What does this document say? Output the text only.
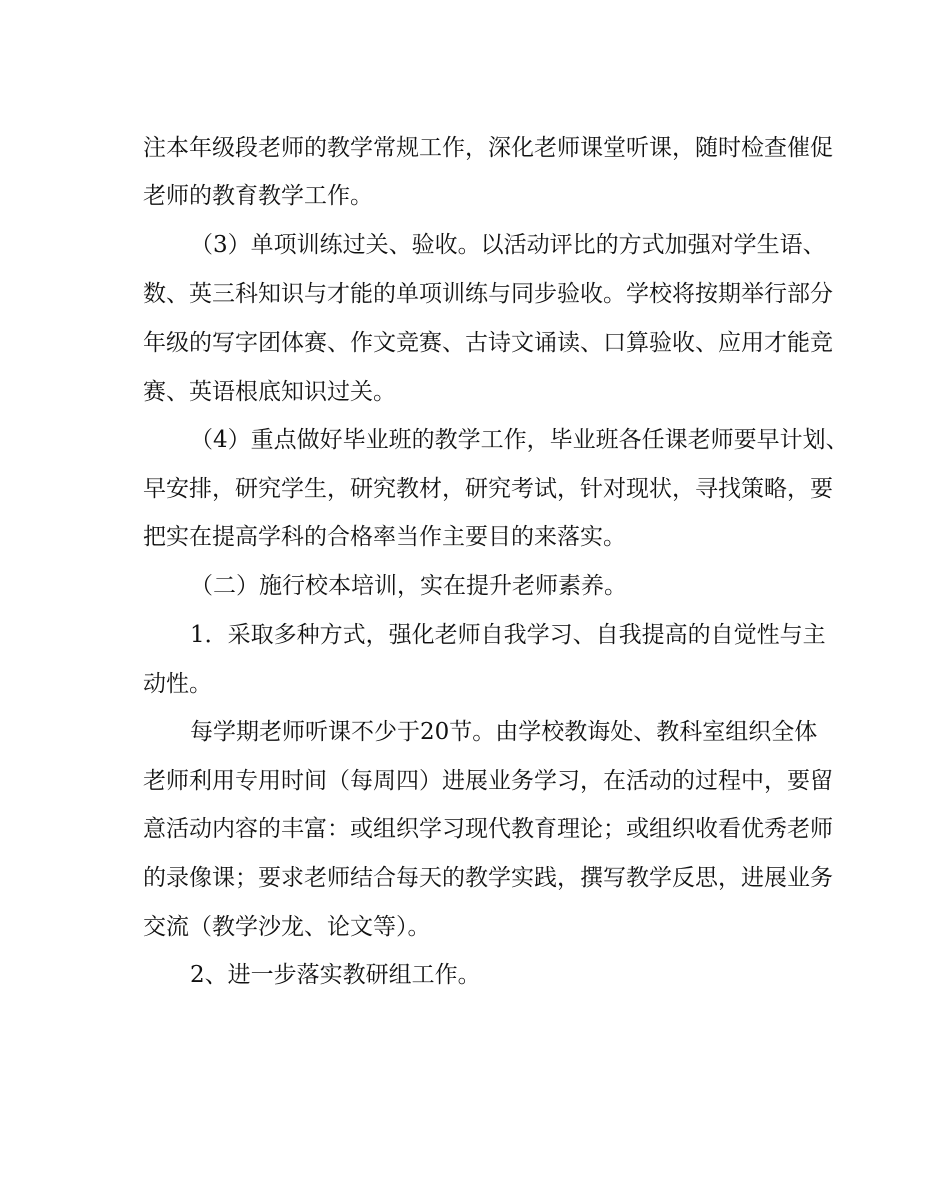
注本年级段老师的教学常规工作，深化老师课堂听课，随时检查催促
老师的教育教学工作。
（3）单项训练过关、验收。以活动评比的方式加强对学生语、
数、英三科知识与才能的单项训练与同步验收。学校将按期举行部分
年级的写字团体赛、作文竞赛、古诗文诵读、口算验收、应用才能竞
赛、英语根底知识过关。
（4）重点做好毕业班的教学工作，毕业班各任课老师要早计划、
早安排，研究学生，研究教材，研究考试，针对现状，寻找策略，要
把实在提高学科的合格率当作主要目的来落实。
（二）施行校本培训，实在提升老师素养。
1．采取多种方式，强化老师自我学习、自我提高的自觉性与主
动性。
每学期老师听课不少于20节。由学校教诲处、教科室组织全体
老师利用专用时间（每周四）进展业务学习，在活动的过程中，要留
意活动内容的丰富：或组织学习现代教育理论；或组织收看优秀老师
的录像课；要求老师结合每天的教学实践，撰写教学反思，进展业务
交流（教学沙龙、论文等）。
2、进一步落实教研组工作。
